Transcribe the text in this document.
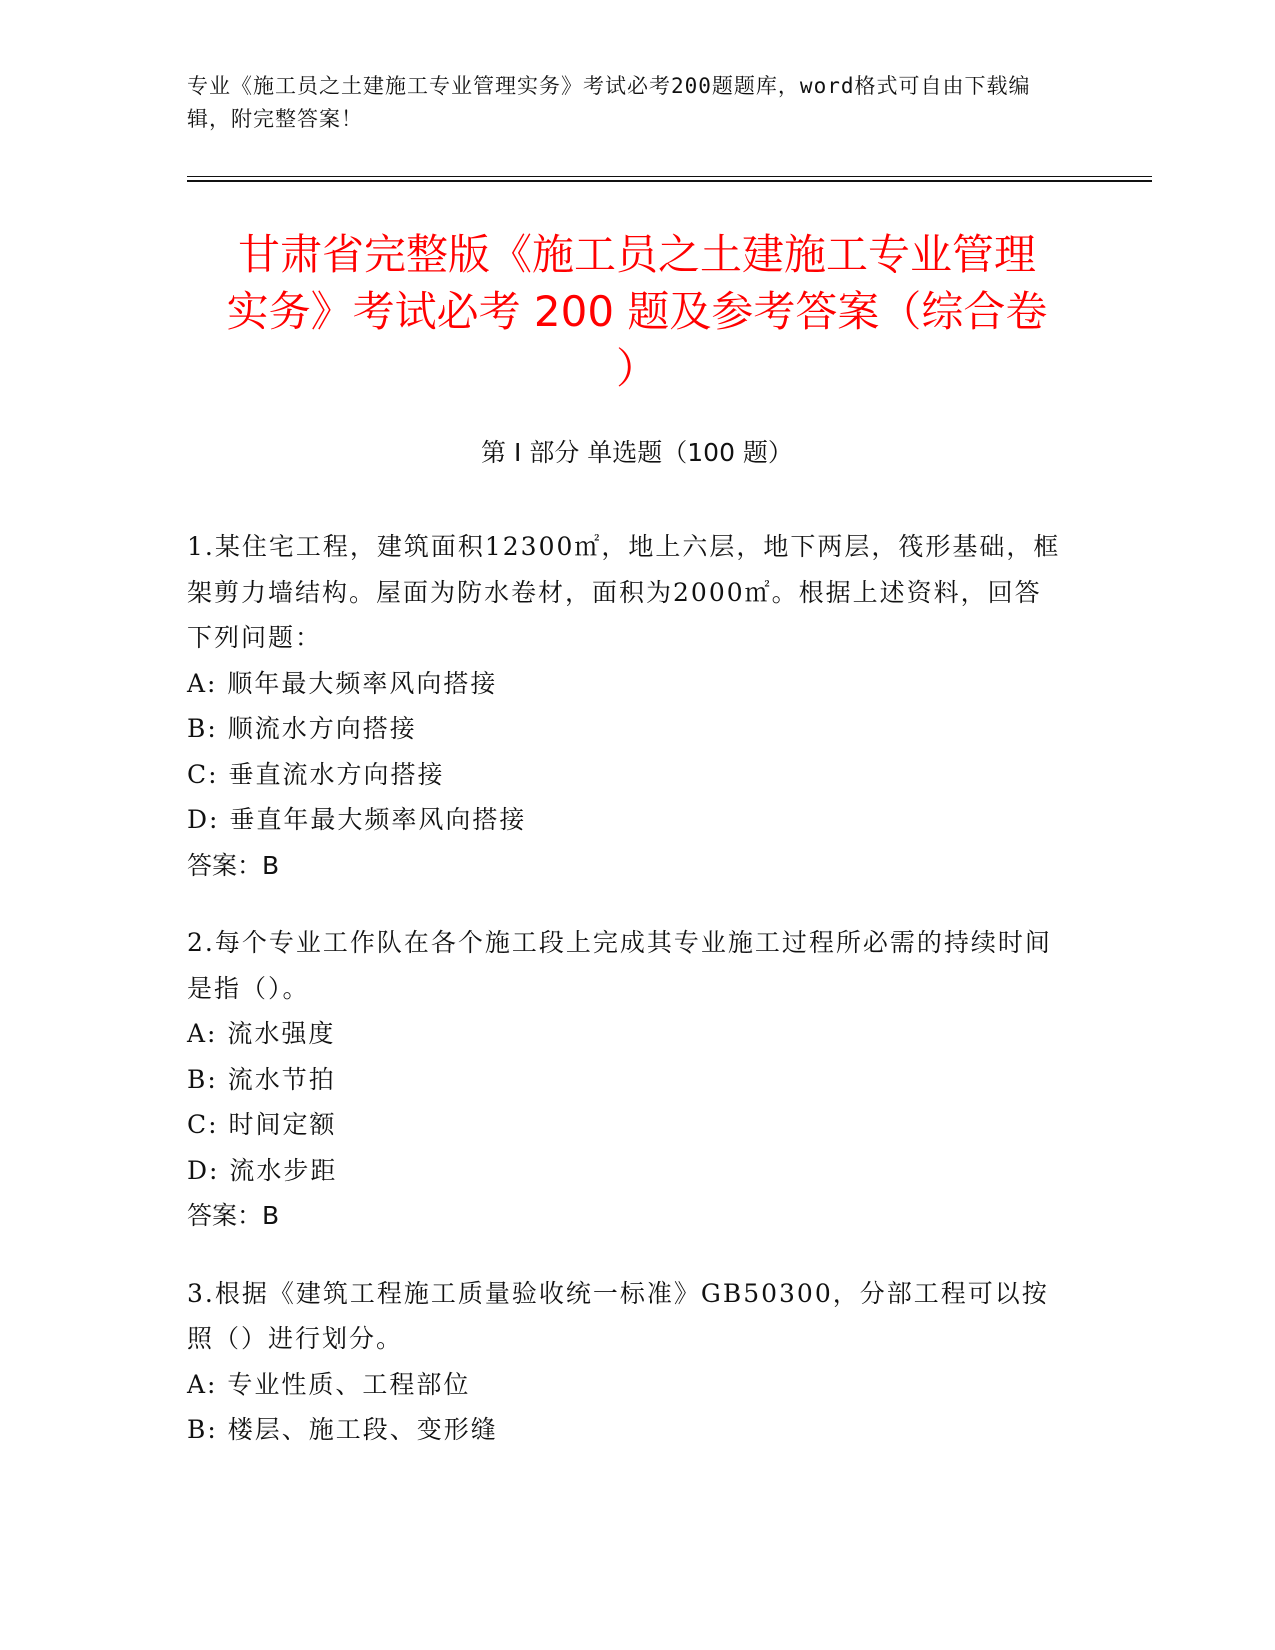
专业《施工员之土建施工专业管理实务》考试必考200题题库，word格式可自由下载编辑，附完整答案！
甘肃省完整版《施工员之土建施工专业管理
实务》考试必考 200 题及参考答案（综合卷
）
第 I 部分 单选题（100 题）

1.某住宅工程，建筑面积12300㎡，地上六层，地下两层，筏形基础，框架剪力墙结构。屋面为防水卷材，面积为2000㎡。根据上述资料，回答下列问题：

A: 顺年最大频率风向搭接

B: 顺流水方向搭接

C: 垂直流水方向搭接

D: 垂直年最大频率风向搭接

答案：B

2.每个专业工作队在各个施工段上完成其专业施工过程所必需的持续时间是指（）。

A: 流水强度

B: 流水节拍

C: 时间定额

D: 流水步距

答案：B

3.根据《建筑工程施工质量验收统一标准》GB50300，分部工程可以按照（）进行划分。

A: 专业性质、工程部位

B: 楼层、施工段、变形缝
